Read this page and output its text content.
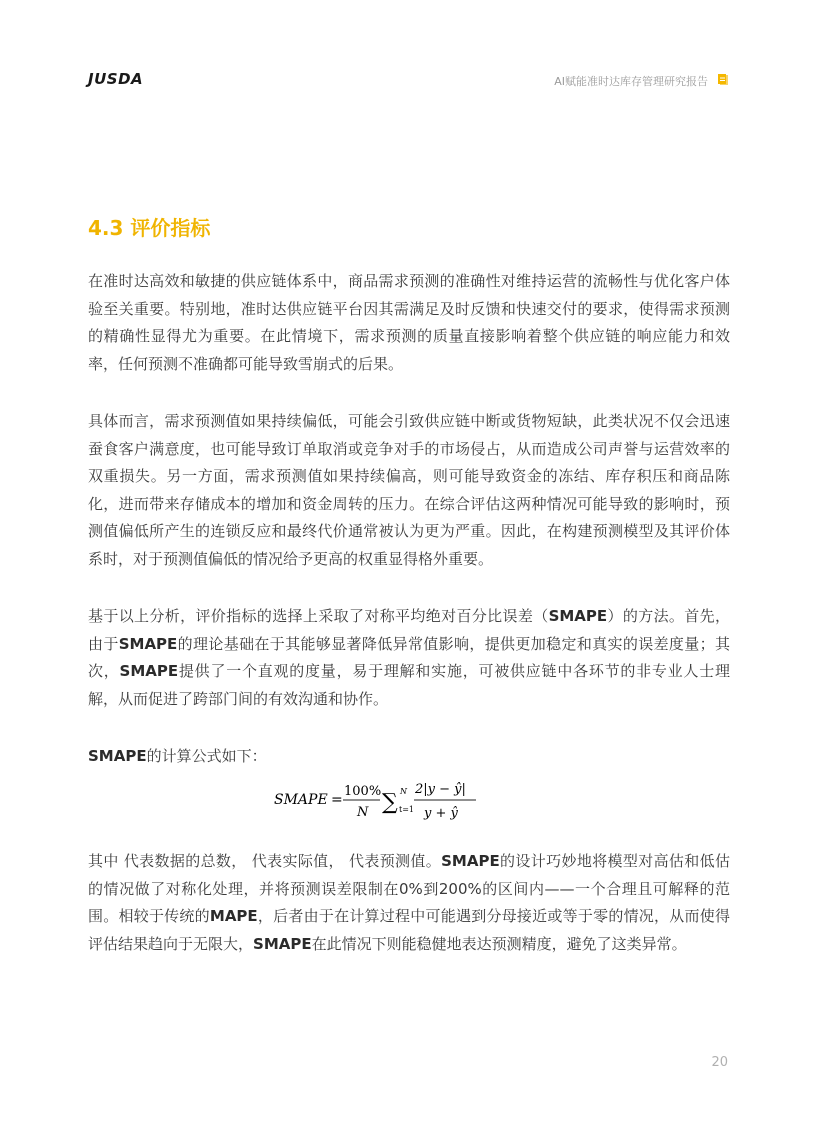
JUSDA	AI赋能准时达库存管理研究报告
4.3 评价指标

在准时达高效和敏捷的供应链体系中，商品需求预测的准确性对维持运营的流畅性与优化客户体验至关重要。特别地，准时达供应链平台因其需满足及时反馈和快速交付的要求，使得需求预测的精确性显得尤为重要。在此情境下，需求预测的质量直接影响着整个供应链的响应能力和效率，任何预测不准确都可能导致雪崩式的后果。

具体而言，需求预测值如果持续偏低，可能会引致供应链中断或货物短缺，此类状况不仅会迅速蚕食客户满意度，也可能导致订单取消或竞争对手的市场侵占，从而造成公司声誉与运营效率的双重损失。另一方面，需求预测值如果持续偏高，则可能导致资金的冻结、库存积压和商品陈化，进而带来存储成本的增加和资金周转的压力。在综合评估这两种情况可能导致的影响时，预测值偏低所产生的连锁反应和最终代价通常被认为更为严重。因此，在构建预测模型及其评价体系时，对于预测值偏低的情况给予更高的权重显得格外重要。

基于以上分析，评价指标的选择上采取了对称平均绝对百分比误差（SMAPE）的方法。首先，由于SMAPE的理论基础在于其能够显著降低异常值影响，提供更加稳定和真实的误差度量；其次，SMAPE提供了一个直观的度量，易于理解和实施，可被供应链中各环节的非专业人士理解，从而促进了跨部门间的有效沟通和协作。

SMAPE的计算公式如下：

SMAPE =
100%
N ∑ N
t=1
2|y − ŷ|
y + ŷ

其中 代表数据的总数， 代表实际值， 代表预测值。SMAPE的设计巧妙地将模型对高估和低估的情况做了对称化处理，并将预测误差限制在0%到200%的区间内——一个合理且可解释的范围。相较于传统的MAPE，后者由于在计算过程中可能遇到分母接近或等于零的情况，从而使得评估结果趋向于无限大，SMAPE在此情况下则能稳健地表达预测精度，避免了这类异常。

20
